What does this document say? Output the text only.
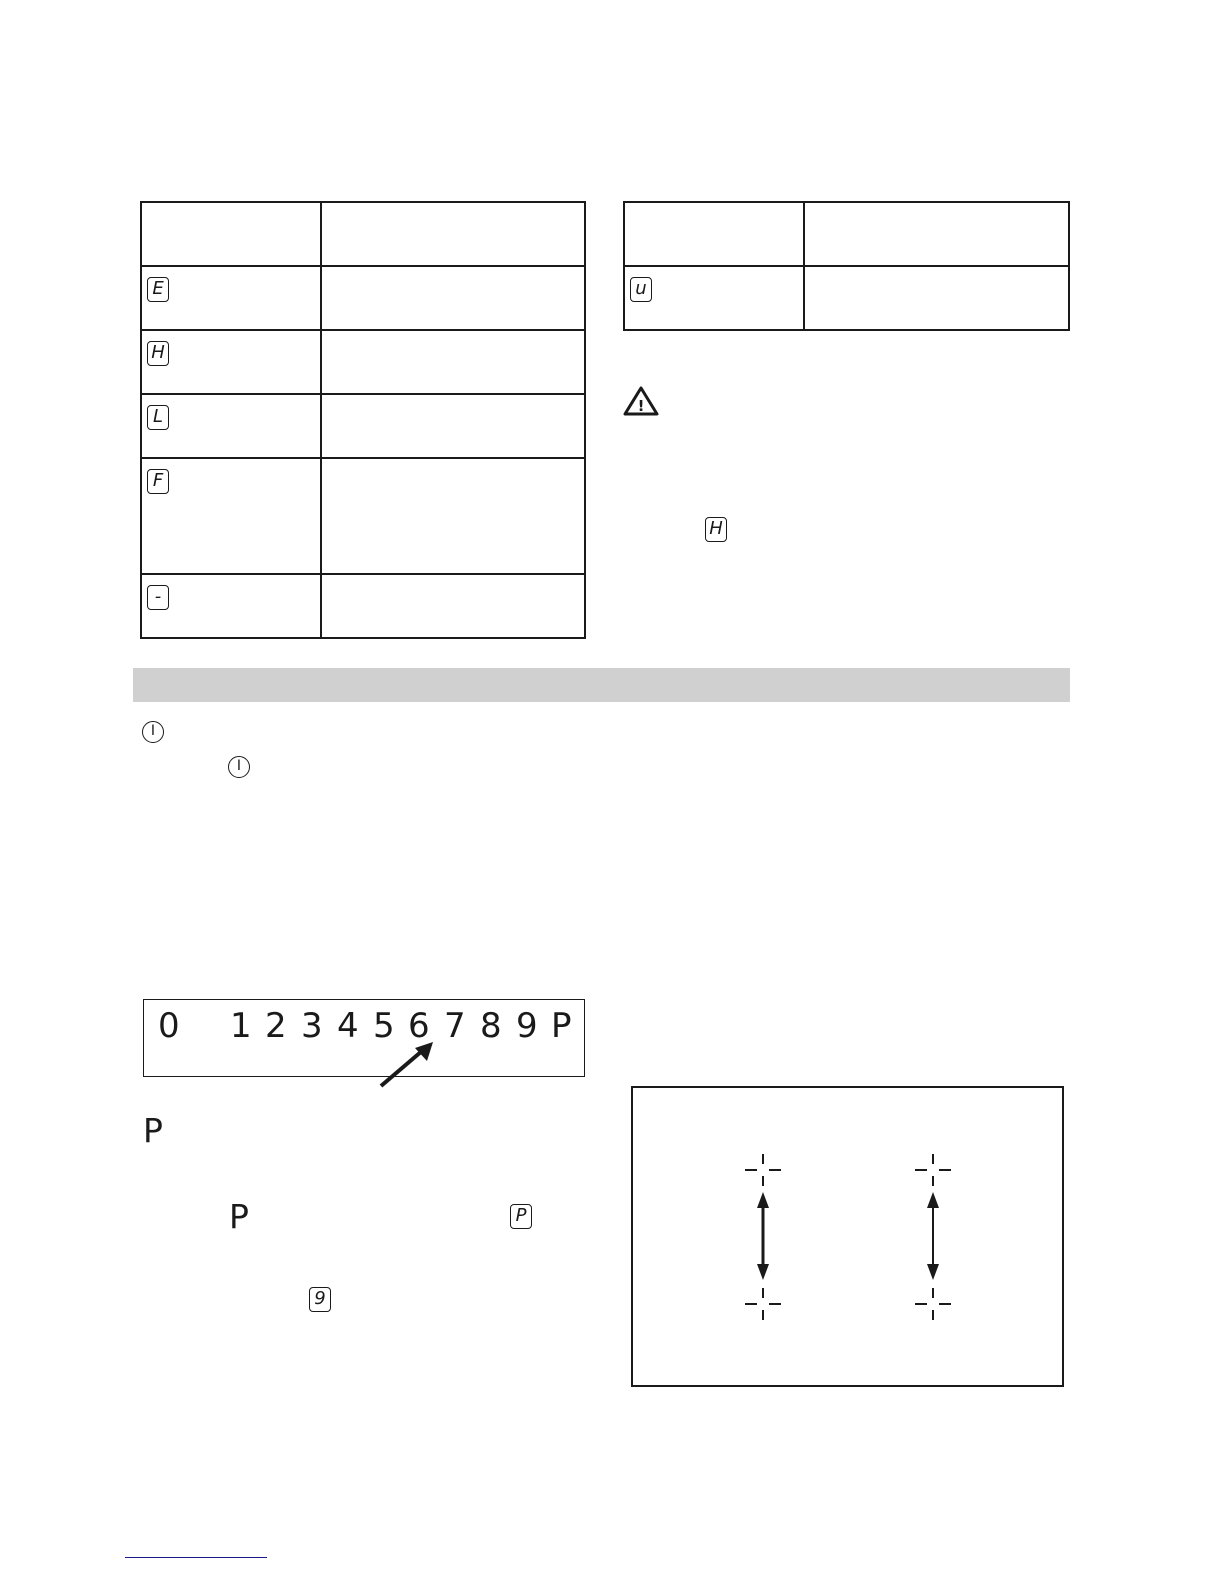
E	

H	

L	

F	

-	

u	

!
H
I
I
0 1 2 3 4 5 6 7 8 9 P
P
P	P
9
